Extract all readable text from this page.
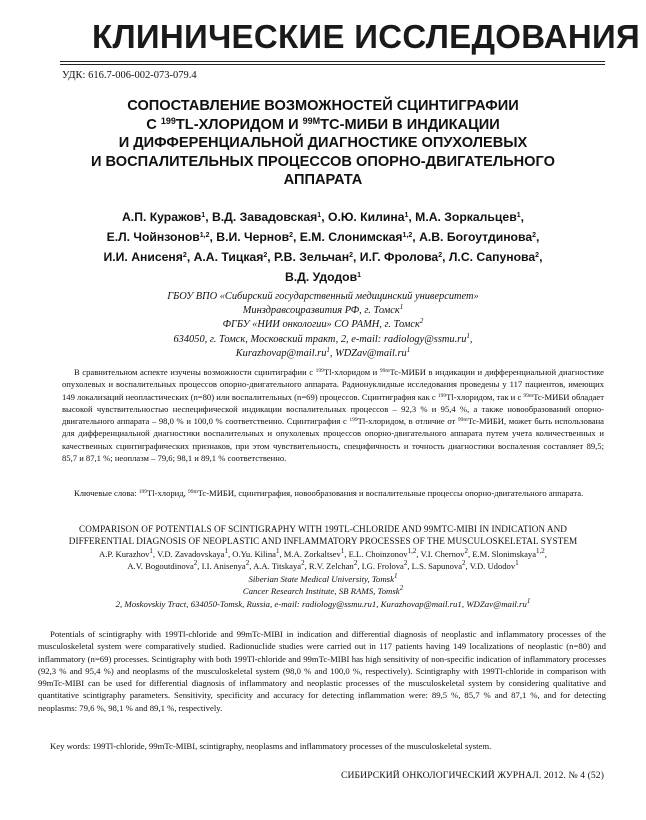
КЛИНИЧЕСКИЕ ИССЛЕДОВАНИЯ
УДК: 616.7-006-002-073-079.4
СОПОСТАВЛЕНИЕ ВОЗМОЖНОСТЕЙ СЦИНТИГРАФИИ
С $^{199}$TL-ХЛОРИДОМ И $^{99М}$TC-МИБИ В ИНДИКАЦИИ
И ДИФФЕРЕНЦИАЛЬНОЙ ДИАГНОСТИКЕ ОПУХОЛЕВЫХ
И ВОСПАЛИТЕЛЬНЫХ ПРОЦЕССОВ ОПОРНО-ДВИГАТЕЛЬНОГО
АППАРАТА

А.П. Куражов$^1$, В.Д. Завадовская$^1$, О.Ю. Килина$^1$, М.А. Зоркальцев$^1$,
Е.Л. Чойнзонов$^{1,2}$, В.И. Чернов$^2$, Е.М. Слонимская$^{1,2}$, А.В. Богоутдинова$^2$,
И.И. Анисеня$^2$, А.А. Тицкая$^2$, Р.В. Зельчан$^2$, И.Г. Фролова$^2$, Л.С. Сапунова$^2$,
В.Д. Удодов$^1$

ГБОУ ВПО «Сибирский государственный медицинский университет»
Минздравсоцразвития РФ, г. Томск$^1$
ФГБУ «НИИ онкологии» СО РАМН, г. Томск$^2$
634050, г. Томск, Московский тракт, 2, e-mail: $radiology@ssmu.ru^1$,
$Kurazhovap@mail.ru^1$, $WDZav@mail.ru^1$

В сравнительном аспекте изучены возможности сцинтиграфии с $^{199}$Tl-хлоридом и $^{99m}$Tc-МИБИ в индикации и дифференциальной диагностике опухолевых и воспалительных процессов опорно-двигательного аппарата. Радионуклидные исследования проведены у 117 пациентов, имеющих 149 локализаций неопластических (n=80) или воспалительных (n=69) процессов. Сцинтиграфия как с $^{199}$Tl-хлоридом, так и с $^{99m}$Tc-МИБИ обладает высокой чувствительностью неспецифической индикации воспалительных процессов – 92,3 % и 95,4 %, а также новообразований опорно-двигательного аппарата – 98,0 % и 100,0 % соответственно. Сцинтиграфия с $^{199}$Tl-хлоридом, в отличие от $^{99m}$Tc-МИБИ, может быть использована для дифференциальной диагностики воспалительных и опухолевых процессов опорно-двигательного аппарата путем учета количественных и качественных сцинтиграфических признаков, при этом чувствительность, специфичность и точность диагностики воспаления составляет 89,5; 85,7 и 87,1 %; неоплазм – 79,6; 98,1 и 89,1 % соответственно.

Ключевые слова: $^{199}$Tl-хлорид, $^{99m}$Tc-МИБИ, сцинтиграфия, новообразования и воспалительные процессы опорно-двигательного аппарата.

COMPARISON OF POTENTIALS OF SCINTIGRAPHY WITH 199TL-CHLORIDE AND 99MTC-MIBI IN INDICATION AND DIFFERENTIAL DIAGNOSIS OF NEOPLASTIC AND INFLAMMATORY PROCESSES OF THE MUSCULOSKELETAL SYSTEM

A.P. Kurazhov$^1$, V.D. Zavadovskaya$^1$, O.Yu. Kilina$^1$, M.A. Zorkaltsev$^1$, E.L. Choinzonov$^{1,2}$, V.I. Chernov$^2$, E.M. Slonimskaya$^{1,2}$,
A.V. Bogoutdinova$^2$, I.I. Anisenya$^2$, A.A. Titskaya$^2$, R.V. Zelchan$^2$, I.G. Frolova$^2$, L.S. Sapunova$^2$, V.D. Udodov$^1$

Siberian State Medical University, Tomsk$^1$
Cancer Research Institute, SB RAMS, Tomsk$^2$
2, Moskovskiy Tract, 634050-Tomsk, Russia, e-mail: radiology@ssmu.ru1, Kurazhovap@mail.ru1, $WDZav@mail.ru^1$

Potentials of scintigraphy with 199Tl-chloride and 99mTc-MIBI in indication and differential diagnosis of neoplastic and inflammatory processes of the musculoskeletal system were comparatively studied. Radionuclide studies were carried out in 117 patients having 149 localizations of neoplastic (n=80) and inflammatory (n=69) processes. Scintigraphy with both 199Tl-chloride and 99mTc-MIBI has high sensitivity of non-specific indication of inflammatory processes (92,3 % and 95,4 %) and neoplasms of the musculoskeletal system (98,0 % and 100,0 %, respectively). Scintigraphy with 199Tl-chloride in comparison with 99mTc-MIBI can be used for differential diagnosis of inflammatory and neoplastic processes of the musculoskeletal system by considering qualitative and quantitative scintigraphy parameters. Sensitivity, specificity and accuracy for detecting inflammation were: 89,5 %, 85,7 % and 87,1 %, and for detecting neoplasms: 79,6 %, 98,1 % and 89,1 %, respectively.

Key words: 199Tl-chloride, 99mTc-MIBI, scintigraphy, neoplasms and inflammatory processes of the musculoskeletal system.

СИБИРСКИЙ ОНКОЛОГИЧЕСКИЙ ЖУРНАЛ. 2012. № 4 (52)
